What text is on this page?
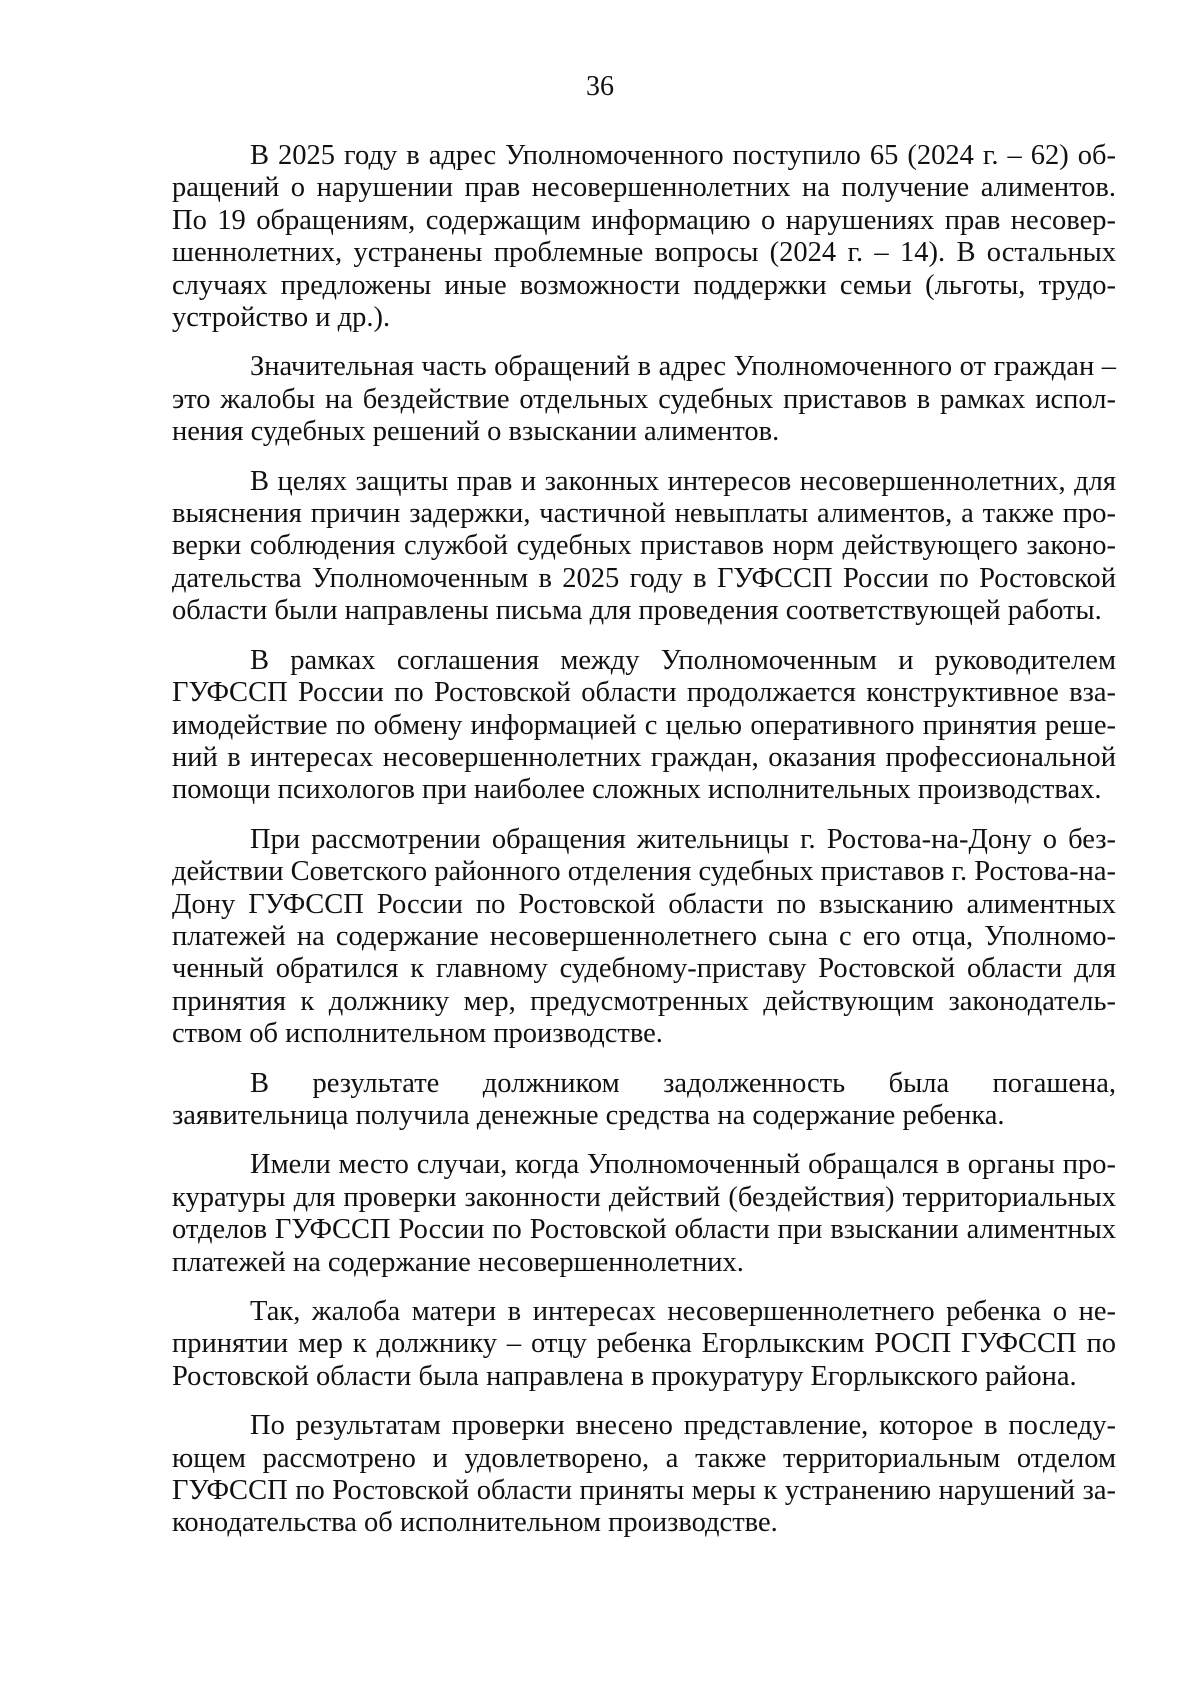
36

В 2025 году в адрес Уполномоченного поступило 65 (2024 г. – 62) обращений о нарушении прав несовершеннолетних на получение алиментов. По 19 обращениям, содержащим информацию о нарушениях прав несовершеннолетних, устранены проблемные вопросы (2024 г. – 14). В остальных случаях предложены иные возможности поддержки семьи (льготы, трудоустройство и др.).

Значительная часть обращений в адрес Уполномоченного от граждан – это жалобы на бездействие отдельных судебных приставов в рамках исполнения судебных решений о взыскании алиментов.

В целях защиты прав и законных интересов несовершеннолетних, для выяснения причин задержки, частичной невыплаты алиментов, а также проверки соблюдения службой судебных приставов норм действующего законодательства Уполномоченным в 2025 году в ГУФССП России по Ростовской области были направлены письма для проведения соответствующей работы.

В рамках соглашения между Уполномоченным и руководителем ГУФССП России по Ростовской области продолжается конструктивное взаимодействие по обмену информацией с целью оперативного принятия решений в интересах несовершеннолетних граждан, оказания профессиональной помощи психологов при наиболее сложных исполнительных производствах.

При рассмотрении обращения жительницы г. Ростова-на-Дону о бездействии Советского районного отделения судебных приставов г. Ростова-на-Дону ГУФССП России по Ростовской области по взысканию алиментных платежей на содержание несовершеннолетнего сына с его отца, Уполномоченный обратился к главному судебному-приставу Ростовской области для принятия к должнику мер, предусмотренных действующим законодательством об исполнительном производстве.

В результате должником задолженность была погашена, заявительница получила денежные средства на содержание ребенка.

Имели место случаи, когда Уполномоченный обращался в органы прокуратуры для проверки законности действий (бездействия) территориальных отделов ГУФССП России по Ростовской области при взыскании алиментных платежей на содержание несовершеннолетних.

Так, жалоба матери в интересах несовершеннолетнего ребенка о непринятии мер к должнику – отцу ребенка Егорлыкским РОСП ГУФССП по Ростовской области была направлена в прокуратуру Егорлыкского района.

По результатам проверки внесено представление, которое в последующем рассмотрено и удовлетворено, а также территориальным отделом ГУФССП по Ростовской области приняты меры к устранению нарушений законодательства об исполнительном производстве.
